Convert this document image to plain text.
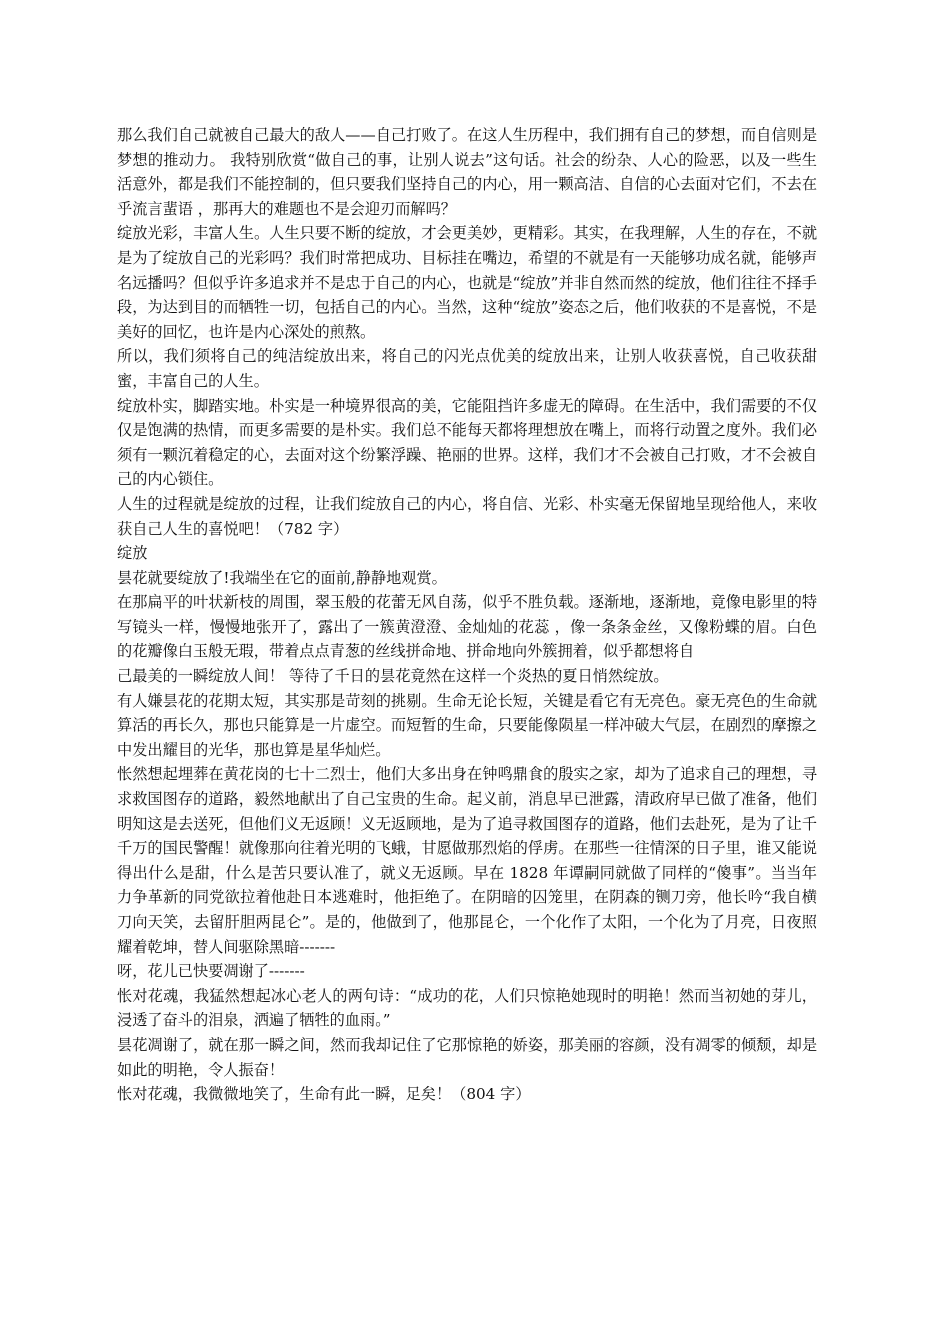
那么我们自己就被自己最大的敌人——自己打败了。在这人生历程中，我们拥有自己的梦想，而自信则是梦想的推动力。 我特别欣赏“做自己的事，让别人说去”这句话。社会的纷杂、人心的险恶，以及一些生活意外，都是我们不能控制的，但只要我们坚持自己的内心，用一颗高洁、自信的心去面对它们，不去在乎流言蜚语 ，那再大的难题也不是会迎刃而解吗？

绽放光彩，丰富人生。人生只要不断的绽放，才会更美妙，更精彩。其实，在我理解，人生的存在，不就是为了绽放自己的光彩吗？我们时常把成功、目标挂在嘴边，希望的不就是有一天能够功成名就，能够声名远播吗？但似乎许多追求并不是忠于自己的内心，也就是“绽放”并非自然而然的绽放，他们往往不择手段，为达到目的而牺牲一切，包括自己的内心。当然，这种“绽放”姿态之后，他们收获的不是喜悦，不是美好的回忆，也许是内心深处的煎熬。

所以，我们须将自己的纯洁绽放出来，将自己的闪光点优美的绽放出来，让别人收获喜悦，自己收获甜蜜，丰富自己的人生。

绽放朴实，脚踏实地。朴实是一种境界很高的美，它能阻挡许多虚无的障碍。在生活中，我们需要的不仅仅是饱满的热情，而更多需要的是朴实。我们总不能每天都将理想放在嘴上，而将行动置之度外。我们必须有一颗沉着稳定的心，去面对这个纷繁浮躁、艳丽的世界。这样，我们才不会被自己打败，才不会被自己的内心锁住。

人生的过程就是绽放的过程，让我们绽放自己的内心，将自信、光彩、朴实毫无保留地呈现给他人，来收获自己人生的喜悦吧！（782 字）

绽放

昙花就要绽放了!我端坐在它的面前,静静地观赏。

在那扁平的叶状新枝的周围，翠玉般的花蕾无风自荡，似乎不胜负载。逐渐地，逐渐地，竟像电影里的特写镜头一样，慢慢地张开了，露出了一簇黄澄澄、金灿灿的花蕊 ，像一条条金丝，又像粉蝶的眉。白色的花瓣像白玉般无瑕，带着点点青葱的丝线拼命地、拼命地向外簇拥着，似乎都想将自

己最美的一瞬绽放人间！ 等待了千日的昙花竟然在这样一个炎热的夏日悄然绽放。

有人嫌昙花的花期太短，其实那是苛刻的挑剔。生命无论长短，关键是看它有无亮色。豪无亮色的生命就算活的再长久，那也只能算是一片虚空。而短暂的生命，只要能像陨星一样冲破大气层，在剧烈的摩擦之中发出耀目的光华，那也算是星华灿烂。

怅然想起埋葬在黄花岗的七十二烈士，他们大多出身在钟鸣鼎食的殷实之家，却为了追求自己的理想，寻求救国图存的道路，毅然地献出了自己宝贵的生命。起义前，消息早已泄露，清政府早已做了准备，他们明知这是去送死，但他们义无返顾！义无返顾地，是为了追寻救国图存的道路，他们去赴死，是为了让千千万的国民警醒！就像那向往着光明的飞蛾，甘愿做那烈焰的俘虏。在那些一往情深的日子里，谁又能说得出什么是甜，什么是苦只要认准了，就义无返顾。早在 1828 年谭嗣同就做了同样的“傻事”。当当年力争革新的同党欲拉着他赴日本逃难时，他拒绝了。在阴暗的囚笼里，在阴森的铡刀旁，他长吟“我自横刀向天笑，去留肝胆两昆仑”。是的，他做到了，他那昆仑，一个化作了太阳，一个化为了月亮，日夜照耀着乾坤，替人间驱除黑暗-------

呀，花儿已快要凋谢了-------

怅对花魂，我猛然想起冰心老人的两句诗：“成功的花，人们只惊艳她现时的明艳！然而当初她的芽儿，浸透了奋斗的泪泉，洒遍了牺牲的血雨。”

昙花凋谢了，就在那一瞬之间，然而我却记住了它那惊艳的娇姿，那美丽的容颜，没有凋零的倾颓，却是如此的明艳，令人振奋！

怅对花魂，我微微地笑了，生命有此一瞬，足矣！（804 字）
